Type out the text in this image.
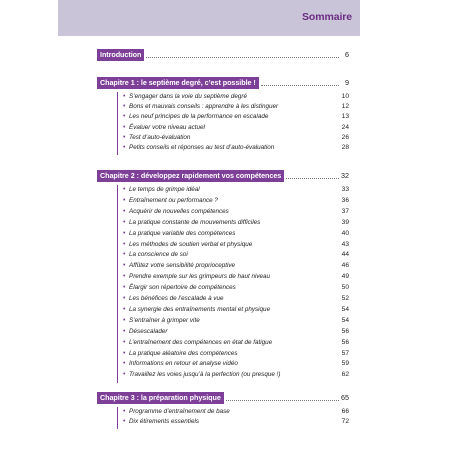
Sommaire
Introduction	6
Chapitre 1 : le septième degré, c’est possible !	9
• S’engager dans la voie du septième degré	10
• Bons et mauvais conseils : apprendre à les distinguer	12
• Les neuf principes de la performance en escalade	13
• Évaluer votre niveau actuel	24
• Test d’auto-évaluation	26
• Petits conseils et réponses au test d’auto-évaluation	28
Chapitre 2 : développez rapidement vos compétences	32
• Le temps de grimpe idéal	33
• Entraînement ou performance ?	36
• Acquérir de nouvelles compétences	37
• La pratique constante de mouvements difficiles	39
• La pratique variable des compétences	40
• Les méthodes de soutien verbal et physique	43
• La conscience de soi	44
• Affûtez votre sensibilité proprioceptive	46
• Prendre exemple sur les grimpeurs de haut niveau	49
• Élargir son répertoire de compétences	50
• Les bénéfices de l’escalade à vue	52
• La synergie des entraînements mental et physique	54
• S’entraîner à grimper vite	54
• Désescalader	56
• L’entraînement des compétences en état de fatigue	56
• La pratique aléatoire des compétences	57
• Informations en retour et analyse vidéo	59
• Travaillez les voies jusqu’à la perfection (ou presque !)	62
Chapitre 3 : la préparation physique	65
• Programme d’entraînement de base	66
• Dix étirements essentiels	72
